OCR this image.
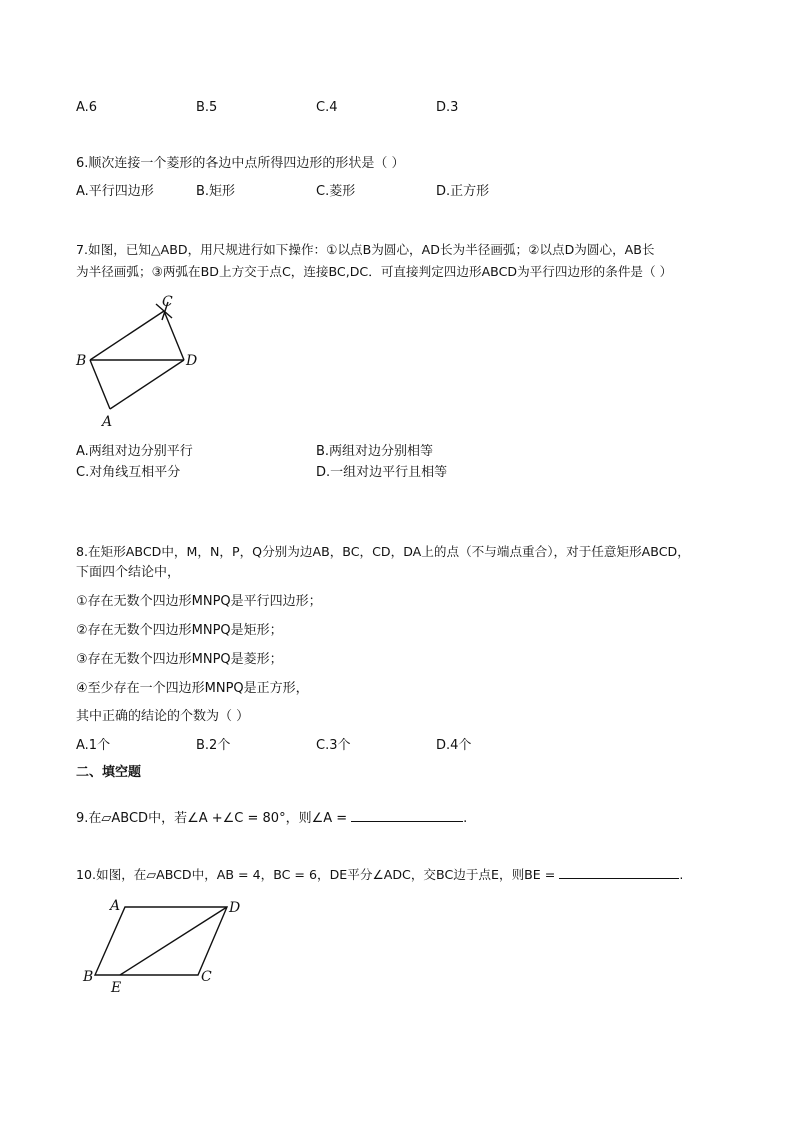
A.6	B.5	C.4	D.3
6.顺次连接一个菱形的各边中点所得四边形的形状是（ ）
A.平行四边形	B.矩形	C.菱形	D.正方形
7.如图，已知△ABD，用尺规进行如下操作：①以点B为圆心，AD长为半径画弧；②以点D为圆心，AB长
为半径画弧；③两弧在BD上方交于点C，连接BC,DC．可直接判定四边形ABCD为平行四边形的条件是（ ）
C
B	D
A
A.两组对边分别平行	B.两组对边分别相等
C.对角线互相平分	D.一组对边平行且相等
8.在矩形ABCD中，M，N，P，Q分别为边AB，BC，CD，DA上的点（不与端点重合），对于任意矩形ABCD，
下面四个结论中，
①存在无数个四边形MNPQ是平行四边形；
②存在无数个四边形MNPQ是矩形；
③存在无数个四边形MNPQ是菱形；
④至少存在一个四边形MNPQ是正方形，
其中正确的结论的个数为（ ）
A.1个	B.2个	C.3个	D.4个
二、填空题
9.在▱ABCD中，若∠A +∠C = 80°，则∠A =	.
10.如图，在▱ABCD中，AB = 4，BC = 6，DE平分∠ADC，交BC边于点E，则BE =	.
A	D
B	C
E
